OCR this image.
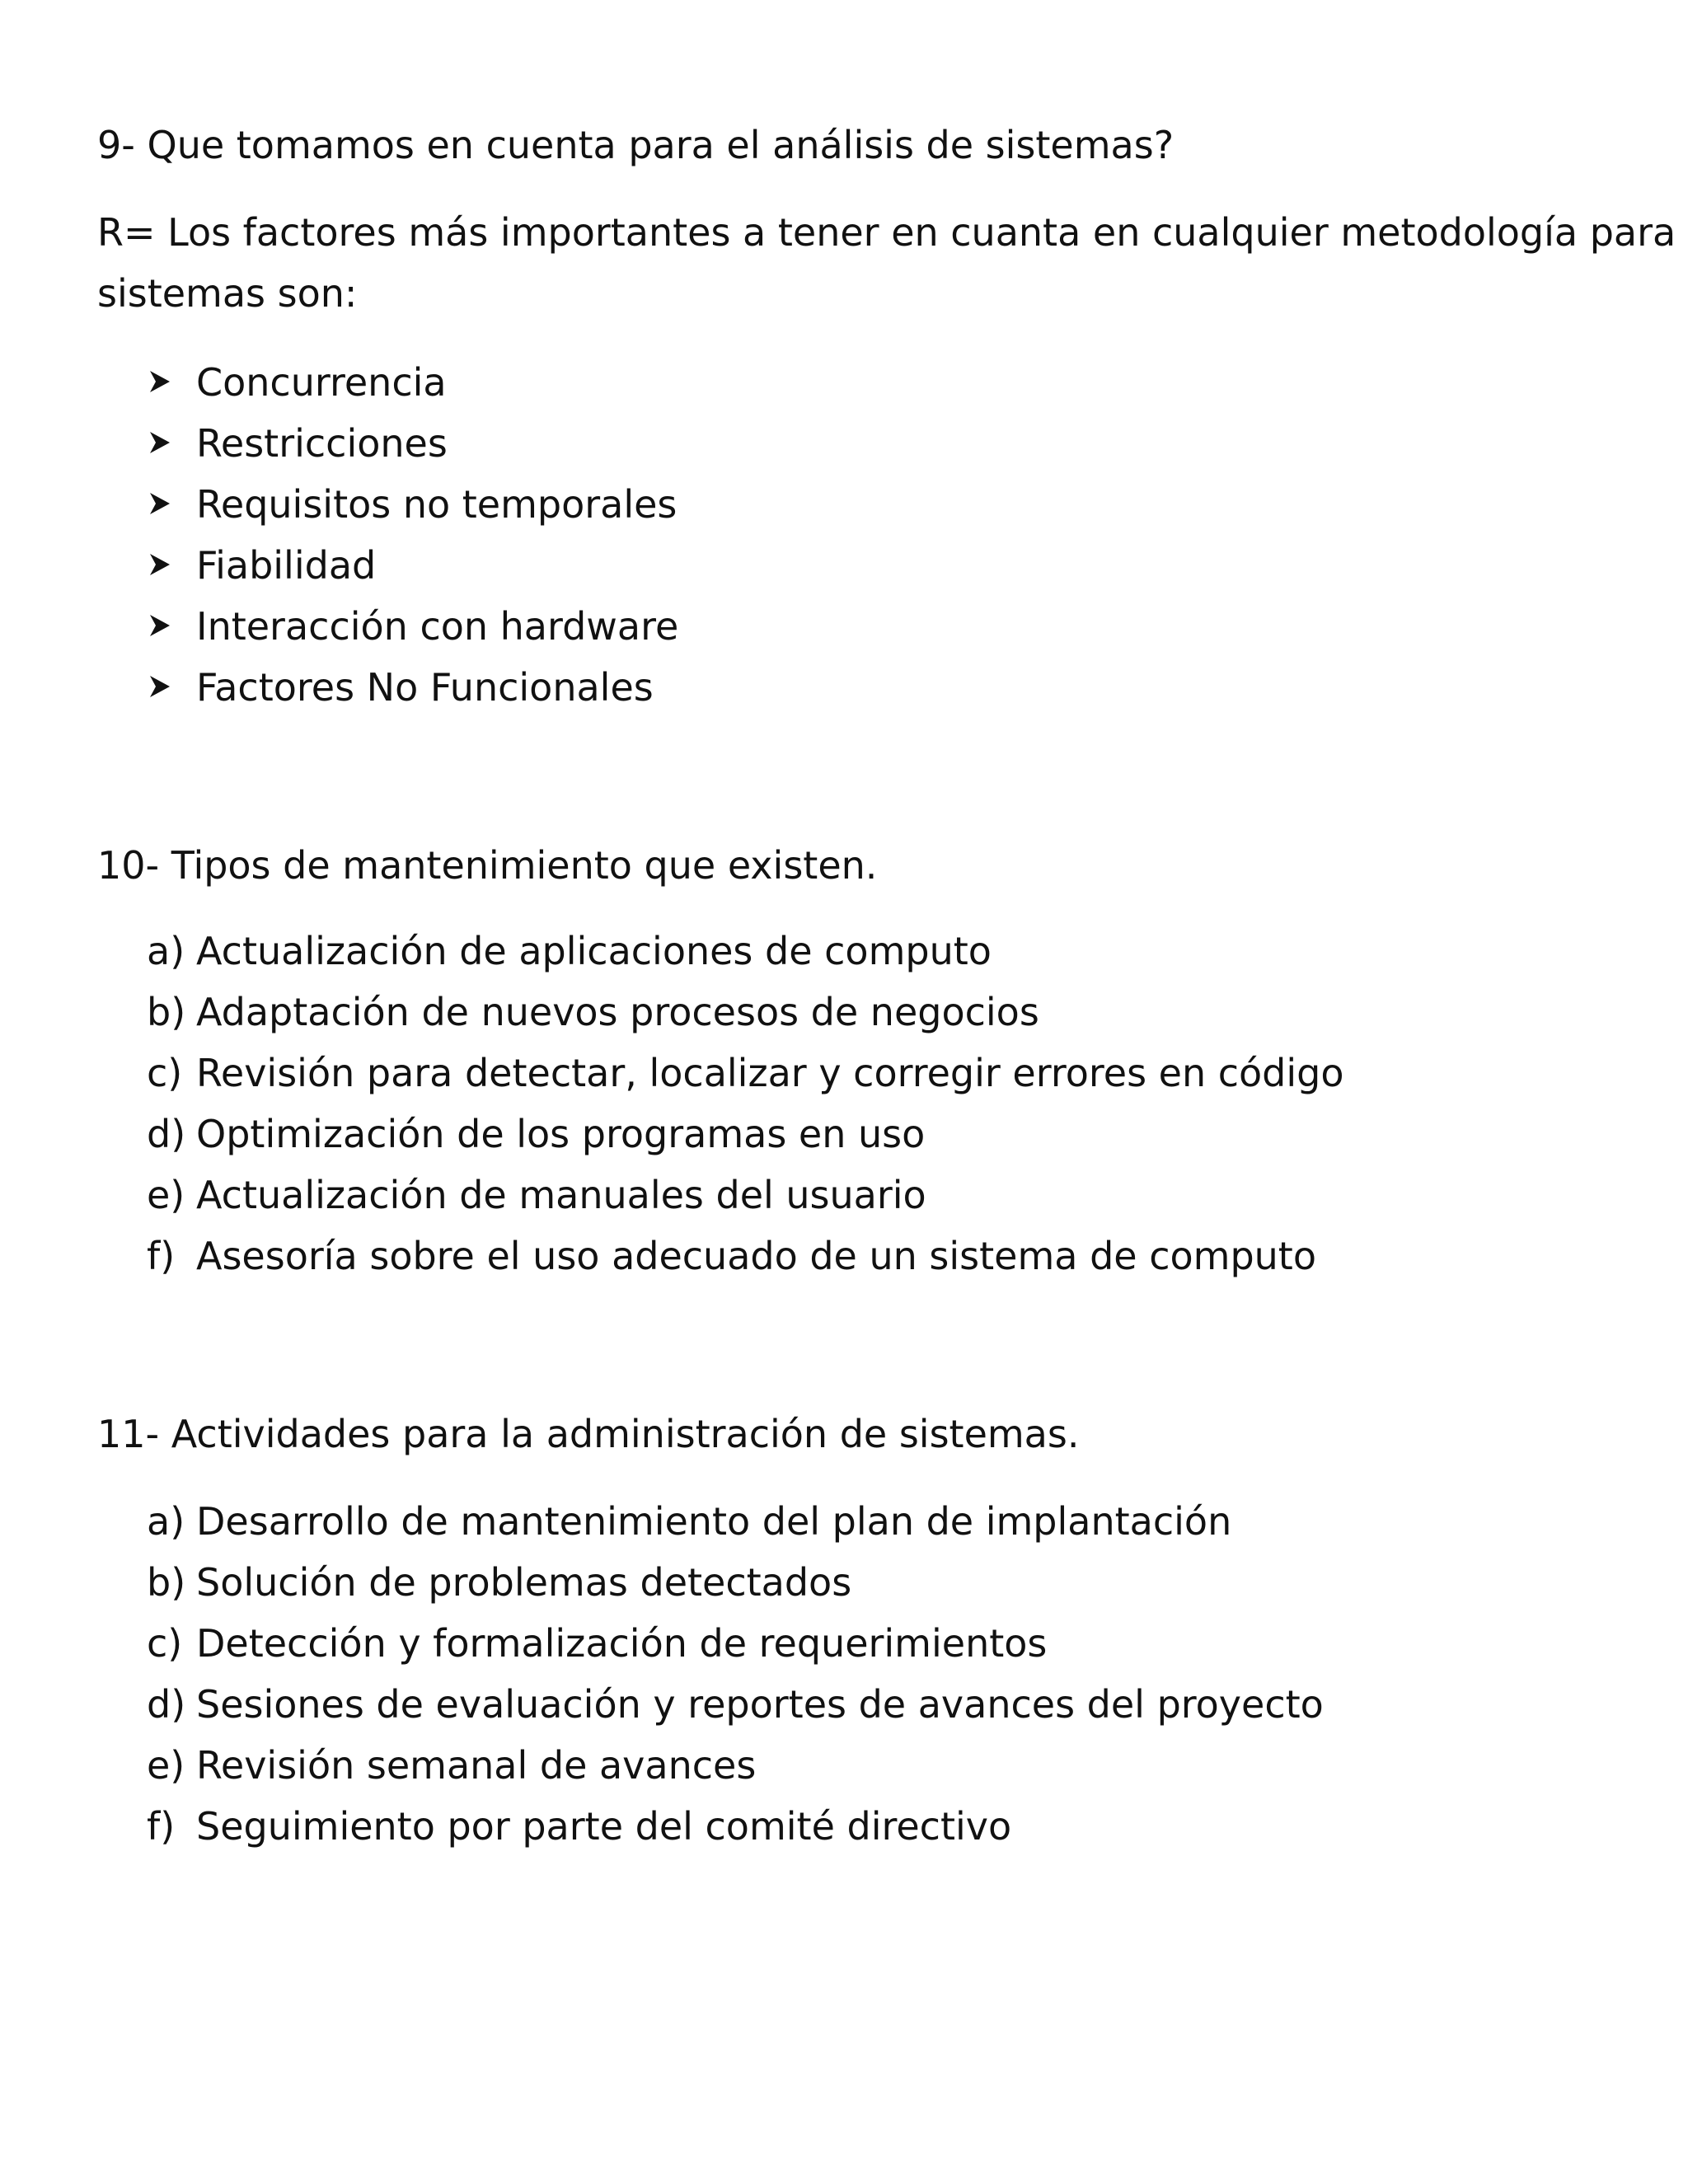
9- Que tomamos en cuenta para el análisis de sistemas?
R= Los factores más importantes a tener en cuanta en cualquier metodología para
sistemas son:
Concurrencia
Restricciones
Requisitos no temporales
Fiabilidad
Interacción con hardware
Factores No Funcionales
10- Tipos de mantenimiento que existen.
a) Actualización de aplicaciones de computo
b) Adaptación de nuevos procesos de negocios
c) Revisión para detectar, localizar y corregir errores en código
d) Optimización de los programas en uso
e) Actualización de manuales del usuario
f) Asesoría sobre el uso adecuado de un sistema de computo
11- Actividades para la administración de sistemas.
a) Desarrollo de mantenimiento del plan de implantación
b) Solución de problemas detectados
c) Detección y formalización de requerimientos
d) Sesiones de evaluación y reportes de avances del proyecto
e) Revisión semanal de avances
f) Seguimiento por parte del comité directivo
